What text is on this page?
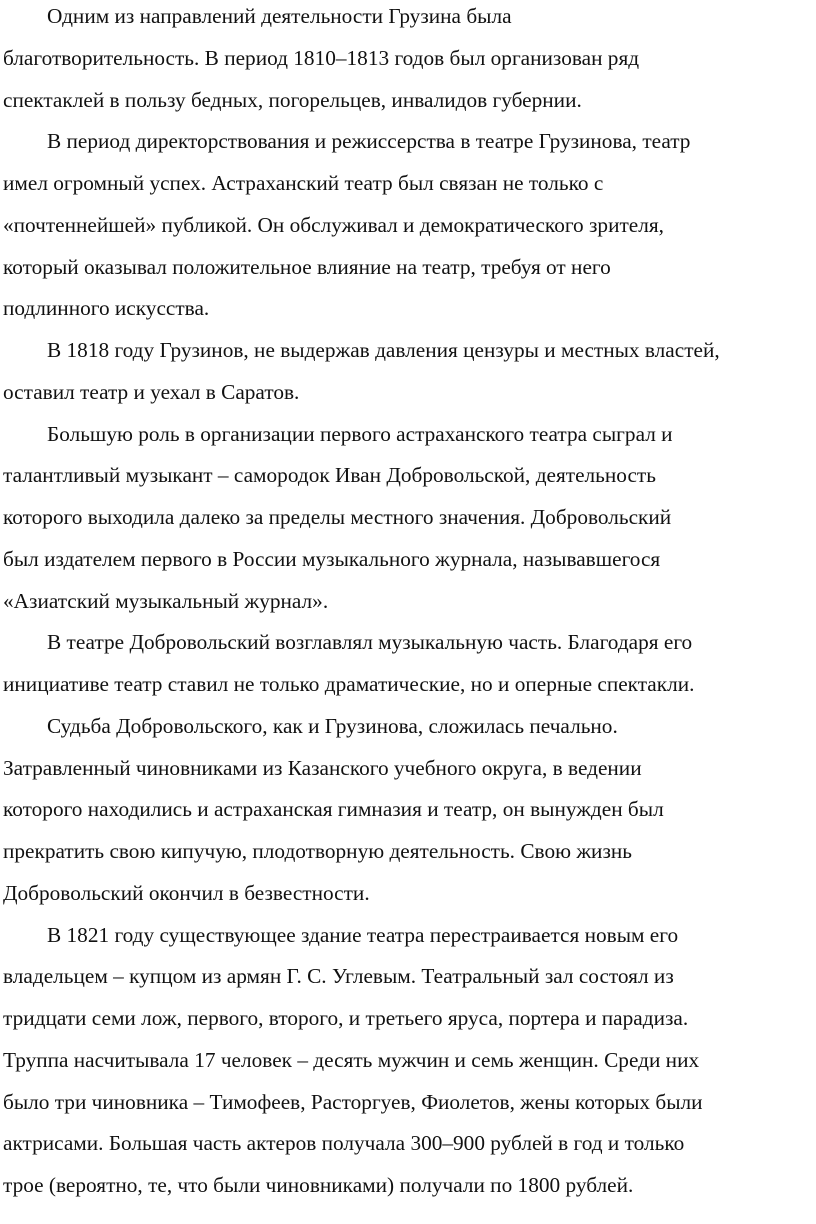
Одним из направлений деятельности Грузина была
благотворительность. В период 1810–1813 годов был организован ряд
спектаклей в пользу бедных, погорельцев, инвалидов губернии.
В период директорствования и режиссерства в театре Грузинова, театр
имел огромный успех. Астраханский театр был связан не только с
«почтеннейшей» публикой. Он обслуживал и демократического зрителя,
который оказывал положительное влияние на театр, требуя от него
подлинного искусства.
В 1818 году Грузинов, не выдержав давления цензуры и местных властей,
оставил театр и уехал в Саратов.
Большую роль в организации первого астраханского театра сыграл и
талантливый музыкант – самородок Иван Добровольской, деятельность
которого выходила далеко за пределы местного значения. Добровольский
был издателем первого в России музыкального журнала, называвшегося
«Азиатский музыкальный журнал».
В театре Добровольский возглавлял музыкальную часть. Благодаря его
инициативе театр ставил не только драматические, но и оперные спектакли.
Судьба Добровольского, как и Грузинова, сложилась печально.
Затравленный чиновниками из Казанского учебного округа, в ведении
которого находились и астраханская гимназия и театр, он вынужден был
прекратить свою кипучую, плодотворную деятельность. Свою жизнь
Добровольский окончил в безвестности.
В 1821 году существующее здание театра перестраивается новым его
владельцем – купцом из армян Г. С. Углевым. Театральный зал состоял из
тридцати семи лож, первого, второго, и третьего яруса, портера и парадиза.
Труппа насчитывала 17 человек – десять мужчин и семь женщин. Среди них
было три чиновника – Тимофеев, Расторгуев, Фиолетов, жены которых были
актрисами. Большая часть актеров получала 300–900 рублей в год и только
трое (вероятно, те, что были чиновниками) получали по 1800 рублей.
